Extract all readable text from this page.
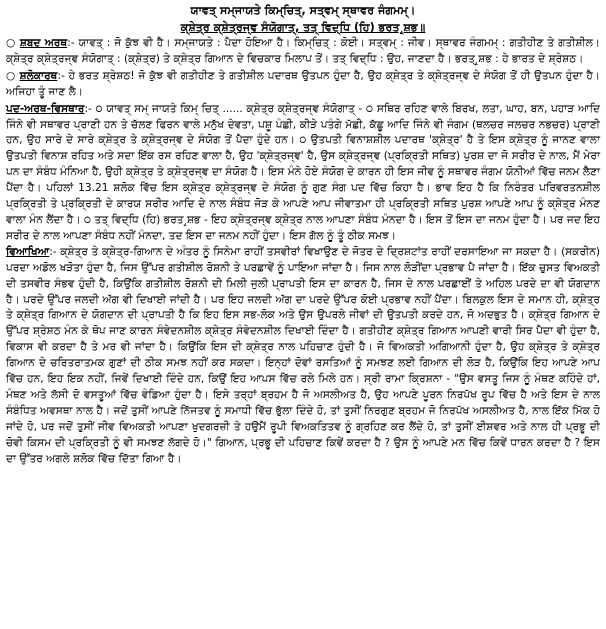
ਯਾਵਤ੍ ਸਮ੍ਜਾਯਤੇ ਕਿਮ੍ਚਿਤ੍, ਸਤ੍ਵਮ੍ ਸ੍ਥਾਵਰ ਜੰਗਮਮ੍।
ਕ੍ਸ਼ੇਤ੍ਰ ਕ੍ਸ਼ੇਤ੍ਰਜ੍ਞ ਸੰਯੋਗਾਤ੍, ਤਤ੍ ਵਿਦ੍ਧਿ (ਹਿ) ਭਰਤ ਰ੍ਸ਼ਭ॥

○ ਸ਼ਬਦ ਅਰਥ:- ਯਾਵਤ੍ : ਜੋ ਕੁੱਝ ਵੀ ਹੈ। ਸਮ੍ਜਾਯਤੇ : ਪੈਦਾ ਹੋਇਆ ਹੈ। ਕਿਮ੍ਚਿਤ੍ : ਕੋਈ। ਸਤ੍ਵਮ੍ : ਜੀਵ। ਸ੍ਥਾਵਰ ਜੰਗਮਮ੍ : ਗਤੀਹੀਣ ਤੇ ਗਤੀਸ਼ੀਲ। ਕ੍ਸ਼ੇਤ੍ਰ ਕ੍ਸ਼ੇਤ੍ਰਜ੍ਞ ਸੰਯੋਗਾਤ੍ : (ਕ੍ਸ਼ੇਤ੍ਰ) ਤੇ ਕ੍ਸ਼ੇਤ੍ਰ ਗਿਆਨ ਦੇ ਵਿਚਕਾਰ ਮਿਲਾਪ ਤੋਂ। ਤਤ੍ ਵਿਦ੍ਧਿ : ਉਹ, ਜਾਣਦਾ ਹੈ। ਭਰਤ੍ ਰ੍ਸ਼ਭ : ਹੇ ਭਾਰਤ ਦੇ ਸ਼੍ਰੇਸ਼ਠ।

○ ਸ਼ਲੋਕਾਰਥ:- ਹੇ ਭਰਤ ਸ਼੍ਰੇਸ਼ਠ! ਜੋ ਕੁੱਝ ਵੀ ਗਤੀਹੀਣ ਤੇ ਗਤੀਸ਼ੀਲ ਪਦਾਰਥ ਉਤਪਨ ਹੁੰਦਾ ਹੈ, ਉਹ ਕ੍ਸ਼ੇਤ੍ਰ ਤੇ ਕ੍ਸ਼ੇਤ੍ਰਜ੍ਞ ਦੇ ਸੰਯੋਗ ਤੋਂ ਹੀ ਉਤਪਨ ਹੁੰਦਾ ਹੈ। ਅਜਿਹਾ ਤੂੰ ਜਾਣ ਲੈ।

ਪਦ-ਅਰਥ-ਵਿਸਥਾਰ:- ੦ ਯਾਵਤ੍ ਸਮ੍ ਜਾਯਤੇ ਕਿਮ੍ ਚਿਤ੍ ...... ਕ੍ਸ਼ੇਤ੍ਰ ਕ੍ਸ਼ੇਤ੍ਰਜ੍ਞ ਸੰਯੋਗਾਤ੍ - ੦ ਸਥਿਰ ਰਹਿਣ ਵਾਲੇ ਬਿਰਖ, ਲਤਾ, ਘਾਹ, ਬਨ, ਪਹਾੜ ਆਦਿ ਜਿੰਨੇ ਵੀ ਸਥਾਵਰ ਪ੍ਰਾਣੀ ਹਨ ਤੇ ਚੱਲਣ ਫਿਰਨ ਵਾਲੇ ਮਨੁੱਖ ਦੇਵਤਾ, ਪਸ਼ੂ ਪੰਛੀ, ਕੀੜੇ ਪਤੰਗੇ ਮੱਛੀ, ਕੱਛੂ ਆਦਿ ਜਿੰਨੇ ਵੀ ਜੰਗਮ (ਥਲਚਰ ਜਲਚਰ ਨਭਚਰ) ਪ੍ਰਾਣੀ ਹਨ, ਉਹ ਸਾਰੇ ਦੇ ਸਾਰੇ ਕ੍ਸ਼ੇਤ੍ਰ ਤੇ ਕ੍ਸ਼ੇਤ੍ਰਜ੍ਞ ਦੇ ਸੰਯੋਗ ਤੋਂ ਪੈਦਾ ਹੁੰਦੇ ਹਨ। ੦ ਉਤਪਤੀ ਵਿਨਾਸ਼ਸ਼ੀਲ ਪਦਾਰਥ 'ਕ੍ਸ਼ੇਤ੍ਰ' ਹੈ ਤੇ ਇਸ ਕ੍ਸ਼ੇਤ੍ਰ ਨੂੰ ਜਾਨਣ ਵਾਲਾ ਉਤਪਤੀ ਵਿਨਾਸ਼ ਰਹਿਤ ਅਤੇ ਸਦਾ ਇੱਕ ਰਸ ਰਹਿਣ ਵਾਲਾ ਹੈ, ਉਹ 'ਕ੍ਸ਼ੇਤ੍ਰਜ੍ਞ' ਹੈ, ਉਸ ਕ੍ਸ਼ੇਤ੍ਰਜ੍ਞ (ਪ੍ਰਕ੍ਰਿਤੀ ਸਥਿਤ) ਪੁਰਸ਼ ਦਾ ਜੋ ਸਰੀਰ ਦੇ ਨਾਲ, ਮੈਂ ਮੇਰਾ ਪਨ ਦਾ ਸੰਬੰਧ ਮੰਨਿਆ ਹੈ, ਉਹੀ ਕ੍ਸ਼ੇਤ੍ਰ ਤੇ ਕ੍ਸ਼ੇਤ੍ਰਜ੍ਞ ਦਾ ਸੰਯੋਗ ਹੈ। ਇਸ ਮੰਨੇ ਹੋਏ ਸੰਯੋਗ ਦੇ ਕਾਰਨ ਹੀ ਇਸ ਜੀਵ ਨੂੰ ਸਥਾਵਰ ਜੰਗਮ ਯੋਨੀਆਂ ਵਿੱਚ ਜਨਮ ਲੈਣਾ ਪੈਂਦਾ ਹੈ। ਪਹਿਲਾਂ 13.21 ਸ਼ਲੋਕ ਵਿੱਚ ਇਸ ਕ੍ਸ਼ੇਤ੍ਰ ਕ੍ਸ਼ੇਤ੍ਰਜ੍ਞ ਦੇ ਸੰਯੋਗ ਨੂੰ ਗੁਣ ਸੰਗ ਪਦ ਵਿੱਚ ਕਿਹਾ ਹੈ। ਭਾਵ ਇਹ ਹੈ ਕਿ ਨਿਰੰਤਰ ਪਰਿਵਰਤਨਸ਼ੀਲ ਪ੍ਰਕ੍ਰਿਤੀ ਤੇ ਪ੍ਰਕ੍ਰਿਤੀ ਦੇ ਕਾਰਯ ਸਰੀਰ ਆਦਿ ਦੇ ਨਾਲ ਸੰਬੰਧ ਜੋੜ ਕੇ ਆਪਣੇ ਆਪ ਜੀਵਾਤਮਾ ਹੀ ਪ੍ਰਕ੍ਰਿਤੀ ਸਥਿਤ ਪੁਰਸ਼ ਆਪਣੇ ਆਪ ਨੂੰ ਕ੍ਸ਼ੇਤ੍ਰ ਮੰਨਣ ਵਾਲਾ ਮੰਨ ਲੈਂਦਾ ਹੈ। ੦ ਤਤ੍ ਵਿਦ੍ਧਿ (ਹਿ) ਭਰਤ ਰ੍ਸ਼ਭ - ਇਹ ਕ੍ਸ਼ੇਤ੍ਰਜ੍ਞ ਕ੍ਸ਼ੇਤ੍ਰ ਨਾਲ ਆਪਣਾ ਸੰਬੰਧ ਮੰਨਦਾ ਹੈ। ਇਸ ਤੋਂ ਇਸ ਦਾ ਜਨਮ ਹੁੰਦਾ ਹੈ। ਪਰ ਜਦ ਇਹ ਸਰੀਰ ਦੇ ਨਾਲ ਆਪਣਾ ਸੰਬੰਧ ਨਹੀਂ ਮੰਨਦਾ, ਤਦ ਇਸ ਦਾ ਜਨਮ ਨਹੀਂ ਹੁੰਦਾ। ਇਸ ਗੱਲ ਨੂੰ ਤੂੰ ਠੀਕ ਸਮਝ।

ਵਿਆਖਿਆ:- ਕ੍ਸ਼ੇਤ੍ਰ ਤੇ ਕ੍ਸ਼ੇਤ੍ਰ-ਗਿਆਨ ਦੇ ਅੰਤਰ ਨੂੰ ਸਿਨੇਮਾ ਰਾਹੀਂ ਤਸਵੀਰਾਂ ਵਿਖਾਉਣ ਦੇ ਜੋਤਰ ਦੇ ਦ੍ਰਿਸ਼ਟਾਂਤ ਰਾਹੀਂ ਦਰਸਾਇਆ ਜਾ ਸਕਦਾ ਹੈ। (ਸਕਰੀਨ) ਪਰਦਾ ਅਡੋਲ ਖੜੋਤਾ ਹੁੰਦਾ ਹੈ, ਜਿਸ ਉੱਪਰ ਗਤੀਸ਼ੀਲ ਰੋਸ਼ਨੀ ਤੇ ਪਰਛਾਵੇਂ ਨੂੰ ਪਾਇਆ ਜਾਂਦਾ ਹੈ। ਜਿਸ ਨਾਲ ਲੋੜੀਂਦਾ ਪ੍ਰਭਾਵ ਪੈ ਜਾਂਦਾ ਹੈ। ਇੱਕ ਚੁਸਤ ਵਿਅਕਤੀ ਦੀ ਤਸਵੀਰ ਸੰਭਵ ਹੁੰਦੀ ਹੈ, ਕਿਉਂਕਿ ਗਤੀਸ਼ੀਲ ਰੋਸ਼ਨੀ ਦੀ ਮਿਲੀ ਜੁਲੀ ਪ੍ਰਾਪਤੀ ਇਸ ਦਾ ਕਾਰਨ ਹੈ, ਜਿਸ ਦੇ ਨਾਲ ਪਰਛਾਈਂ ਤੇ ਅਹਿਲ ਪਰਦੇ ਦਾ ਵੀ ਯੋਗਦਾਨ ਹੈ। ਪਰਦੇ ਉੱਪਰ ਜਲਦੀ ਅੱਗ ਵੀ ਦਿਖਾਈ ਜਾਂਦੀ ਹੈ। ਪਰ ਇਹ ਜਲਦੀ ਅੱਗ ਦਾ ਪਰਦੇ ਉੱਪਰ ਕੋਈ ਪ੍ਰਭਾਵ ਨਹੀਂ ਪੈਂਦਾ। ਬਿਲਕੁਲ ਇਸ ਦੇ ਸਮਾਨ ਹੀ, ਕ੍ਸ਼ੇਤ੍ਰ ਤੇ ਕ੍ਸ਼ੇਤ੍ਰ ਗਿਆਨ ਦੇ ਯੋਗਦਾਨ ਦੀ ਪ੍ਰਾਪਤੀ ਹੈ ਕਿ ਇਹ ਇਸ ਸਭ-ਲੋਕ ਅਤੇ ਉਸ ਉਪਰਲੇ ਜੀਵਾਂ ਦੀ ਉਤਪਤੀ ਕਰਦੇ ਹਨ, ਜੋ ਅਦਭੁਤ ਹੈ। ਕ੍ਸ਼ੇਤ੍ਰ ਗਿਆਨ ਦੇ ਉੱਪਰ ਸ਼੍ਰੇਸ਼ਠ ਮੰਨ ਕੇ ਥੋਪ ਜਾਣ ਕਾਰਨ ਸੰਵੇਦਨਸ਼ੀਲ ਕ੍ਸ਼ੇਤ੍ਰ ਸੰਵੇਦਨਸ਼ੀਲ ਦਿਖਾਈ ਦਿੰਦਾ ਹੈ। ਗਤੀਹੀਣ ਕ੍ਸ਼ੇਤ੍ਰ ਗਿਆਨ ਆਪਣੀ ਵਾਰੀ ਸਿਰ ਪੈਦਾ ਵੀ ਹੁੰਦਾ ਹੈ, ਵਿਕਾਸ ਵੀ ਕਰਦਾ ਹੈ ਤੇ ਮਰ ਵੀ ਜਾਂਦਾ ਹੈ। ਕਿਉਂਕਿ ਇਸ ਦੀ ਕ੍ਸ਼ੇਤ੍ਰ ਨਾਲ ਪਹਿਚਾਣ ਹੁੰਦੀ ਹੈ। ਜੋ ਵਿਅਕਤੀ ਅਗਿਆਨੀ ਹੁੰਦਾ ਹੈ, ਉਹ ਕ੍ਸ਼ੇਤ੍ਰ ਤੇ ਕ੍ਸ਼ੇਤ੍ਰ ਗਿਆਨ ਦੇ ਚਰਿਤਰਾਤਮਕ ਗੁਣਾਂ ਦੀ ਠੀਕ ਸਮਝ ਨਹੀਂ ਕਰ ਸਕਦਾ। ਇਨ੍ਹਾਂ ਦੋਵਾਂ ਰਸਤਿਆਂ ਨੂੰ ਸਮਝਣ ਲਈ ਗਿਆਨ ਦੀ ਲੋੜ ਹੈ, ਕਿਉਂਕਿ ਇਹ ਆਪਣੇ ਆਪ ਵਿੱਚ ਹਨ, ਇਹ ਇਕ ਨਹੀਂ, ਜਿਵੇਂ ਦਿਖਾਈ ਦਿੰਦੇ ਹਨ, ਕਿਉਂ ਇਹ ਆਪਸ ਵਿੱਚ ਰਲੇ ਮਿਲੇ ਹਨ। ਸ੍ਰੀ ਰਾਮਾ ਕ੍ਰਿਸ਼ਨਾ - "ਉਸ ਵਸਤੂ ਜਿਸ ਨੂੰ ਮੰਥਣ ਕਹਿੰਦੇ ਹਾਂ, ਮੰਥਣ ਅਤੇ ਲੱਸੀ ਦੋ ਵਸਤੂਆਂ ਵਿੱਚ ਵੰਡਿਆ ਹੁੰਦਾ ਹੈ। ਇਸੇ ਤਰ੍ਹਾਂ ਬ੍ਰਹਮ ਹੈ ਜੋ ਅਸਲੀਅਤ ਹੈ, ਉਹ ਆਪਣੇ ਪੂਰਨ ਨਿਰਪੱਖ ਰੂਪ ਵਿੱਚ ਹੈ ਅਤੇ ਇਸ ਦੇ ਨਾਲ ਸੰਬੰਧਿਤ ਅਵਸਥਾ ਨਾਲ ਹੈ। ਜਦੋਂ ਤੁਸੀਂ ਆਪਣੇ ਨਿੱਜਤਵ ਨੂੰ ਸਮਾਧੀ ਵਿੱਚ ਭੁੱਲਾ ਦਿੰਦੇ ਹੋ, ਤਾਂ ਤੁਸੀਂ ਨਿਰਗੁਣ ਬ੍ਰਹਮ ਜੋ ਨਿਰਪੱਖ ਅਸਲੀਅਤ ਹੈ, ਨਾਲ ਇੱਕ ਮਿੱਕ ਹੋ ਜਾਂਦੇ ਹੋ, ਪਰ ਜਦੋਂ ਤੁਸੀਂ ਜੀਵ ਵਿਅਕਤੀ ਆਪਣਾ ਖੁਦਗਰਜ਼ੀ ਤੇ ਹਉਮੈਂ ਰੂਪੀ ਵਿਅਕਤਿਤਵ ਨੂੰ ਗ੍ਰਹਿਣ ਕਰ ਲੈਂਦੇ ਹੋ, ਤਾਂ ਤੁਸੀਂ ਈਸ਼ਵਰ ਅਤੇ ਨਾਲ ਹੀ ਪ੍ਰਭੂ ਦੀ ਚੋਵੀ ਕਿਸਮ ਦੀ ਪ੍ਰਕ੍ਰਿਤੀ ਨੂੰ ਵੀ ਸਮਝਣ ਲੱਗਦੇ ਹੋ।" ਗਿਆਨ, ਪ੍ਰਭੂ ਦੀ ਪਹਿਚਾਣ ਕਿਵੇਂ ਕਰਦਾ ਹੈ ? ਉਸ ਨੂੰ ਆਪਣੇ ਮਨ ਵਿੱਚ ਕਿਵੇਂ ਧਾਰਨ ਕਰਦਾ ਹੈ ? ਇਸ ਦਾ ਉੱਤਰ ਅਗਲੇ ਸ਼ਲੋਕ ਵਿੱਚ ਦਿੱਤਾ ਗਿਆ ਹੈ।
